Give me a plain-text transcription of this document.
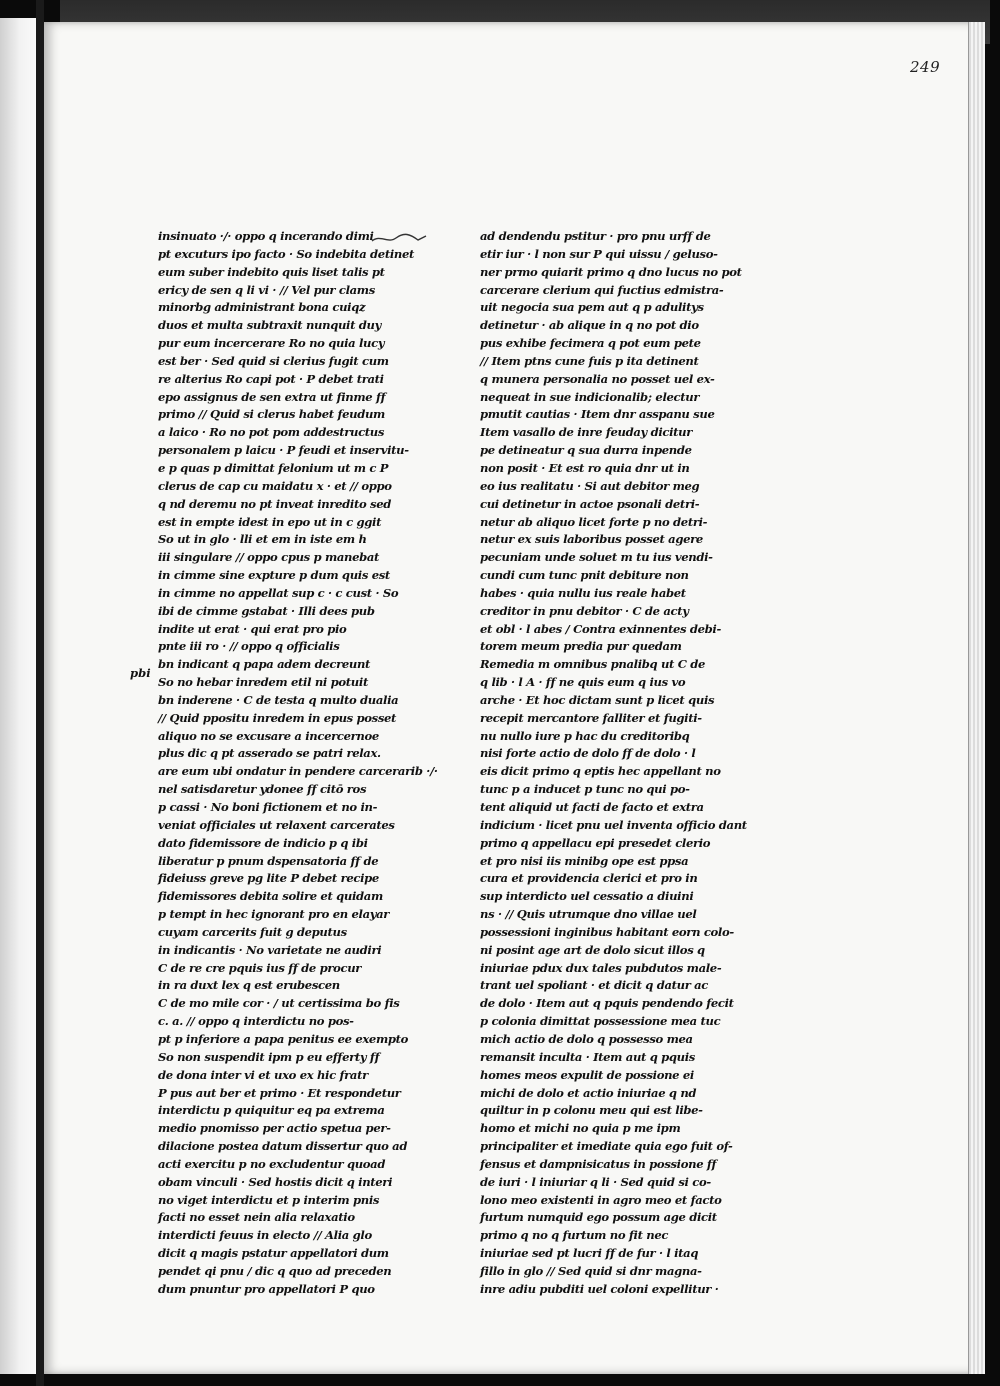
249
pbi
insinuato ·/· oppo q incerando dimi
pt excuturs ipo facto · So indebita detinet
eum suber indebito quis liset talis pt
ericy de sen q li vi · // Vel pur clams
minorbg administrant bona cuiqz
duos et multa subtraxit nunquit duy
pur eum incercerare Ro no quia lucy
est ber · Sed quid si clerius fugit cum
re alterius Ro capi pot · P debet trati
epo assignus de sen extra ut finme ff
primo // Quid si clerus habet feudum
a laico · Ro no pot pom addestructus
personalem p laicu · P feudi et inservitu-
e p quas p dimittat felonium ut m c P
clerus de cap cu maidatu x · et // oppo
q nd deremu no pt inveat inredito sed
est in empte idest in epo ut in c ggit
So ut in glo · lli et em in iste em h
iii singulare // oppo cpus p manebat
in cimme sine expture p dum quis est
in cimme no appellat sup c · c cust · So
ibi de cimme gstabat · Illi dees pub
indite ut erat · qui erat pro pio
pnte iii ro · // oppo q officialis
bn indicant q papa adem decreunt
So no hebar inredem etil ni potuit
bn inderene · C de testa q multo dualia
// Quid ppositu inredem in epus posset
aliquo no se excusare a incercernoe
plus dic q pt asserado se patri relax.
are eum ubi ondatur in pendere carcerarib ·/·
nel satisdaretur ydonee ff citō ros
p cassi · No boni fictionem et no in-
veniat officiales ut relaxent carcerates
dato fidemissore de indicio p q ibi
liberatur p pnum dspensatoria ff de
fideiuss greve pg lite P debet recipe
fidemissores debita solire et quidam
p tempt in hec ignorant pro en elayar
cuyam carcerits fuit g deputus
in indicantis · No varietate ne audiri
C de re cre pquis ius ff de procur
in ra duxt lex q est erubescen
C de mo mile cor · / ut certissima bo fis
c. a. // oppo q interdictu no pos-
pt p inferiore a papa penitus ee exempto
So non suspendit ipm p eu efferty ff
de dona inter vi et uxo ex hic fratr
P pus aut ber et primo · Et respondetur
interdictu p quiquitur eq pa extrema
medio pnomisso per actio spetua per-
dilacione postea datum dissertur quo ad
acti exercitu p no excludentur quoad
obam vinculi · Sed hostis dicit q interi
no viget interdictu et p interim pnis
facti no esset nein alia relaxatio
interdicti feuus in electo // Alia glo
dicit q magis pstatur appellatori dum
pendet qi pnu / dic q quo ad preceden
dum pnuntur pro appellatori P quo
ad dendendu pstitur · pro pnu urff de
etir iur · l non sur P qui uissu / geluso-
ner prmo quiarit primo q dno lucus no pot
carcerare clerium qui fuctius edmistra-
uit negocia sua pem aut q p adulitys
detinetur · ab alique in q no pot dio
pus exhibe fecimera q pot eum pete
// Item ptns cune fuis p ita detinent
q munera personalia no posset uel ex-
nequeat in sue indicionalib; electur
pmutit cautias · Item dnr asspanu sue
Item vasallo de inre feuday dicitur
pe detineatur q sua durra inpende
non posit · Et est ro quia dnr ut in
eo ius realitatu · Si aut debitor meg
cui detinetur in actoe psonali detri-
netur ab aliquo licet forte p no detri-
netur ex suis laboribus posset agere
pecuniam unde soluet m tu ius vendi-
cundi cum tunc pnit debiture non
habes · quia nullu ius reale habet
creditor in pnu debitor · C de acty
et obl · l abes / Contra exinnentes debi-
torem meum predia pur quedam
Remedia m omnibus pnalibq ut C de
q lib · l A · ff ne quis eum q ius vo
arche · Et hoc dictam sunt p licet quis
recepit mercantore falliter et fugiti-
nu nullo iure p hac du creditoribq
nisi forte actio de dolo ff de dolo · l
eis dicit primo q eptis hec appellant no
tunc p a inducet p tunc no qui po-
tent aliquid ut facti de facto et extra
indicium · licet pnu uel inventa officio dant
primo q appellacu epi presedet clerio
et pro nisi iis minibg ope est ppsa
cura et providencia clerici et pro in
sup interdicto uel cessatio a diuini
ns · // Quis utrumque dno villae uel
possessioni inginibus habitant eorn colo-
ni posint age art de dolo sicut illos q
iniuriae pdux dux tales pubdutos male-
trant uel spoliant · et dicit q datur ac
de dolo · Item aut q pquis pendendo fecit
p colonia dimittat possessione mea tuc
mich actio de dolo q possesso mea
remansit inculta · Item aut q pquis
homes meos expulit de possione ei
michi de dolo et actio iniuriae q nd
quiltur in p colonu meu qui est libe-
homo et michi no quia p me ipm
principaliter et imediate quia ego fuit of-
fensus et dampnisicatus in possione ff
de iuri · l iniuriar q li · Sed quid si co-
lono meo existenti in agro meo et facto
furtum numquid ego possum age dicit
primo q no q furtum no fit nec
iniuriae sed pt lucri ff de fur · l itaq
fillo in glo // Sed quid si dnr magna-
inre adiu pubditi uel coloni expellitur ·
